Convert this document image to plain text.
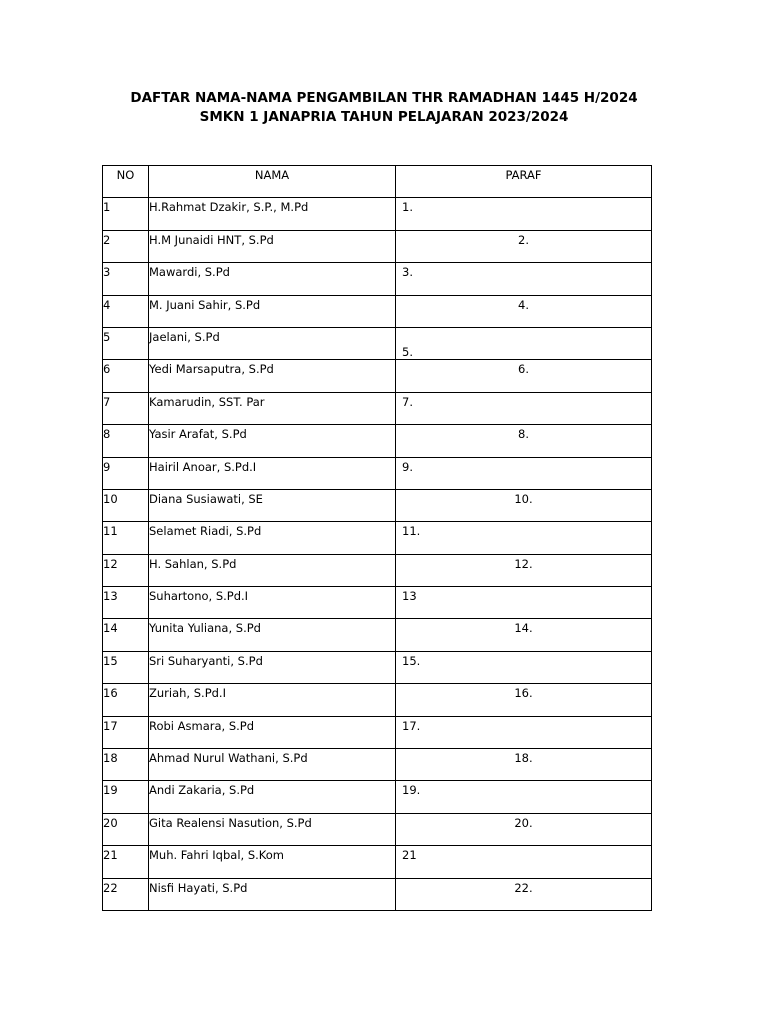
DAFTAR NAMA-NAMA PENGAMBILAN THR RAMADHAN 1445 H/2024
SMKN 1 JANAPRIA TAHUN PELAJARAN 2023/2024
NO	NAMA	PARAF
1	H.Rahmat Dzakir, S.P., M.Pd	1.
2	H.M Junaidi HNT, S.Pd	2.
3	Mawardi, S.Pd	3.
4	M. Juani Sahir, S.Pd	4.
5	Jaelani, S.Pd	5.
6	Yedi Marsaputra, S.Pd	6.
7	Kamarudin, SST. Par	7.
8	Yasir Arafat, S.Pd	8.
9	Hairil Anoar, S.Pd.I	9.
10	Diana Susiawati, SE	10.
11	Selamet Riadi, S.Pd	11.
12	H. Sahlan, S.Pd	12.
13	Suhartono, S.Pd.I	13
14	Yunita Yuliana, S.Pd	14.
15	Sri Suharyanti, S.Pd	15.
16	Zuriah, S.Pd.I	16.
17	Robi Asmara, S.Pd	17.
18	Ahmad Nurul Wathani, S.Pd	18.
19	Andi Zakaria, S.Pd	19.
20	Gita Realensi Nasution, S.Pd	20.
21	Muh. Fahri Iqbal, S.Kom	21
22	Nisfi Hayati, S.Pd	22.
